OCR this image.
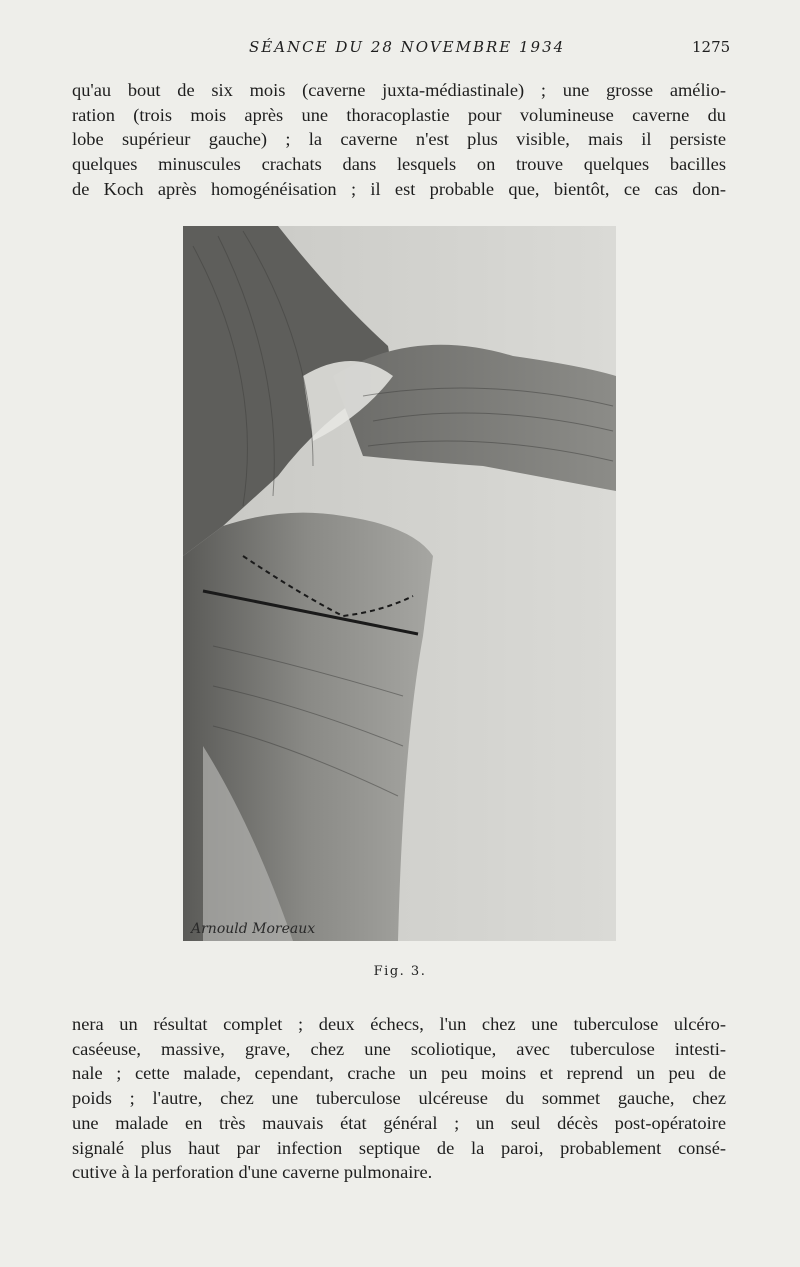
SÉANCE DU 28 NOVEMBRE 1934	1275
qu'au bout de six mois (caverne juxta-médiastinale) ; une grosse amélio-
ration (trois mois après une thoracoplastie pour volumineuse caverne du
lobe supérieur gauche) ; la caverne n'est plus visible, mais il persiste
quelques minuscules crachats dans lesquels on trouve quelques bacilles
de Koch après homogénéisation ; il est probable que, bientôt, ce cas don-
Arnould Moreaux
Fig. 3.
nera un résultat complet ; deux échecs, l'un chez une tuberculose ulcéro-
caséeuse, massive, grave, chez une scoliotique, avec tuberculose intesti-
nale ; cette malade, cependant, crache un peu moins et reprend un peu de
poids ; l'autre, chez une tuberculose ulcéreuse du sommet gauche, chez
une malade en très mauvais état général ; un seul décès post-opératoire
signalé plus haut par infection septique de la paroi, probablement consé-
cutive à la perforation d'une caverne pulmonaire.
